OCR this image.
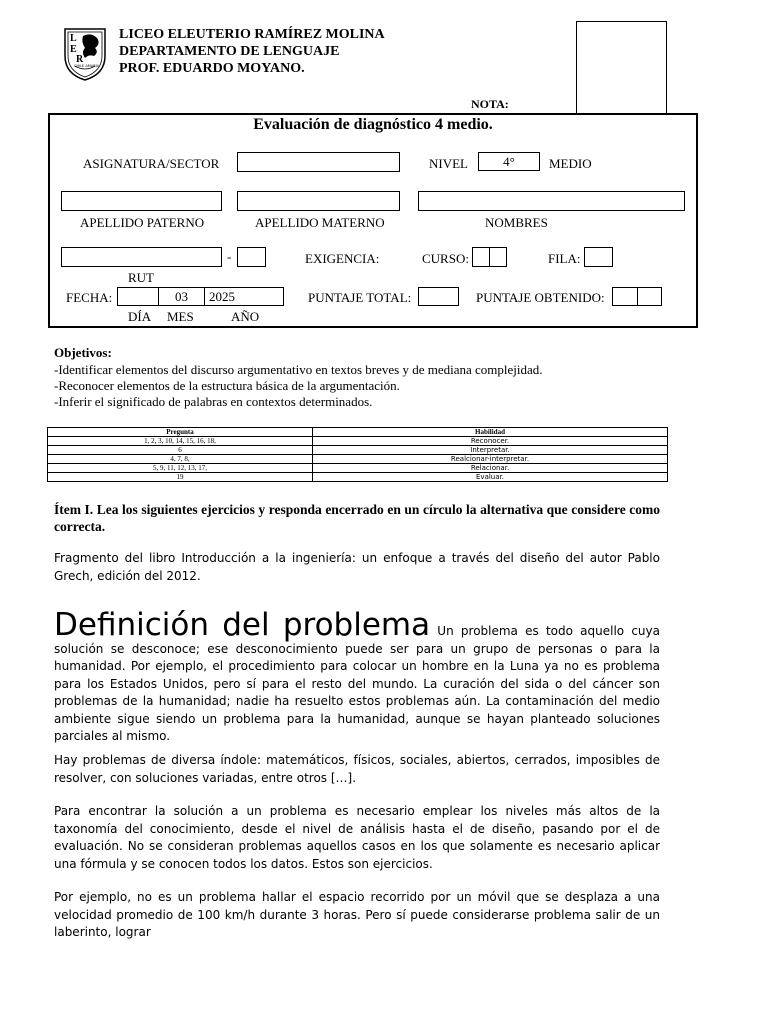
L
E
R
CHILE AMARIA
LICEO ELEUTERIO RAMÍREZ MOLINA
DEPARTAMENTO DE LENGUAJE
PROF. EDUARDO MOYANO.
NOTA:
Evaluación de diagnóstico 4 medio.
ASIGNATURA/SECTOR	NIVEL	4°	MEDIO
APELLIDO PATERNO	APELLIDO MATERNO	NOMBRES
-	EXIGENCIA:	CURSO:	FILA:
RUT
FECHA:	03	2025	PUNTAJE TOTAL:	PUNTAJE OBTENIDO:
DÍA MES	AÑO
Objetivos:
-Identificar elementos del discurso argumentativo en textos breves y de mediana complejidad.
-Reconocer elementos de la estructura básica de la argumentación.
-Inferir el significado de palabras en contextos determinados.
Pregunta	Habilidad
1, 2, 3, 10, 14, 15, 16, 18,	Reconocer.
6	Interpretar.
4, 7, 8,	Realcionar-interpretar.
5, 9, 11, 12, 13, 17,	Relacionar.
19	Evaluar.
Ítem I. Lea los siguientes ejercicios y responda encerrado en un círculo la alternativa que considere como correcta.
Fragmento del libro Introducción a la ingeniería: un enfoque a través del diseño del autor Pablo Grech, edición del 2012.
Definición del problema Un problema es todo aquello cuya solución se desconoce; ese desconocimiento puede ser para un grupo de personas o para la humanidad. Por ejemplo, el procedimiento para colocar un hombre en la Luna ya no es problema para los Estados Unidos, pero sí para el resto del mundo. La curación del sida o del cáncer son problemas de la humanidad; nadie ha resuelto estos problemas aún. La contaminación del medio ambiente sigue siendo un problema para la humanidad, aunque se hayan planteado soluciones parciales al mismo.
Hay problemas de diversa índole: matemáticos, físicos, sociales, abiertos, cerrados, imposibles de resolver, con soluciones variadas, entre otros […].
Para encontrar la solución a un problema es necesario emplear los niveles más altos de la taxonomía del conocimiento, desde el nivel de análisis hasta el de diseño, pasando por el de evaluación. No se consideran problemas aquellos casos en los que solamente es necesario aplicar una fórmula y se conocen todos los datos. Estos son ejercicios.
Por ejemplo, no es un problema hallar el espacio recorrido por un móvil que se desplaza a una velocidad promedio de 100 km/h durante 3 horas. Pero sí puede considerarse problema salir de un laberinto, lograr
